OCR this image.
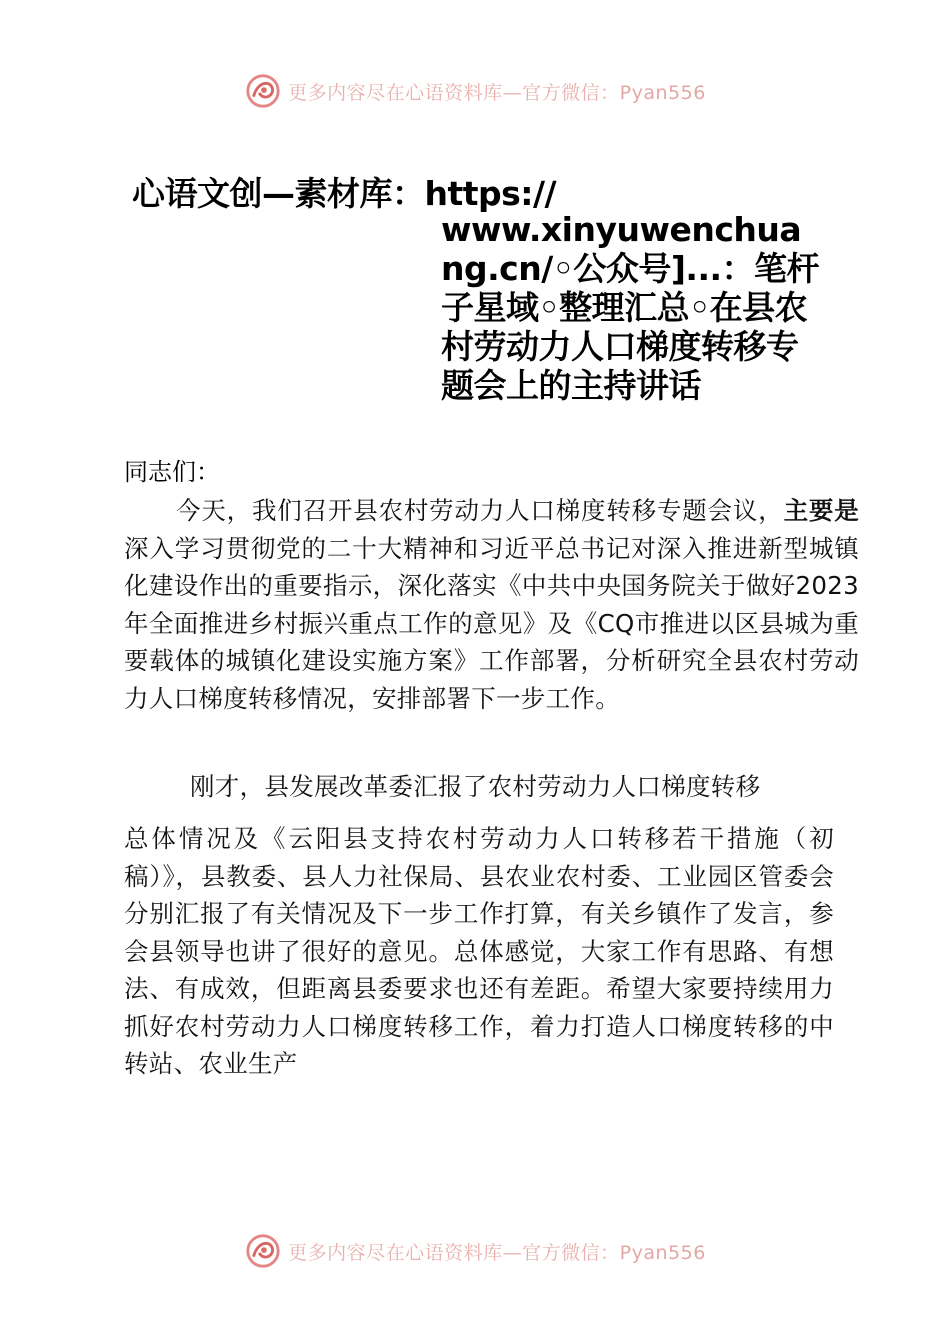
更多内容尽在心语资料库—官方微信：Pyan556
心语文创—素材库：https://
www.xinyuwenchuang.cn/◦公众号]...：笔杆子星域◦整理汇总◦在县农村劳动力人口梯度转移专题会上的主持讲话
同志们：
今天，我们召开县农村劳动力人口梯度转移专题会议，主要是深入学习贯彻党的二十大精神和习近平总书记对深入推进新型城镇化建设作出的重要指示，深化落实《中共中央国务院关于做好2023年全面推进乡村振兴重点工作的意见》及《CQ市推进以区县城为重要载体的城镇化建设实施方案》工作部署，分析研究全县农村劳动力人口梯度转移情况，安排部署下一步工作。
刚才，县发展改革委汇报了农村劳动力人口梯度转移
总体情况及《云阳县支持农村劳动力人口转移若干措施（初稿）》，县教委、县人力社保局、县农业农村委、工业园区管委会分别汇报了有关情况及下一步工作打算，有关乡镇作了发言，参会县领导也讲了很好的意见。总体感觉，大家工作有思路、有想法、有成效，但距离县委要求也还有差距。希望大家要持续用力抓好农村劳动力人口梯度转移工作，着力打造人口梯度转移的中转站、农业生产
更多内容尽在心语资料库—官方微信：Pyan556
